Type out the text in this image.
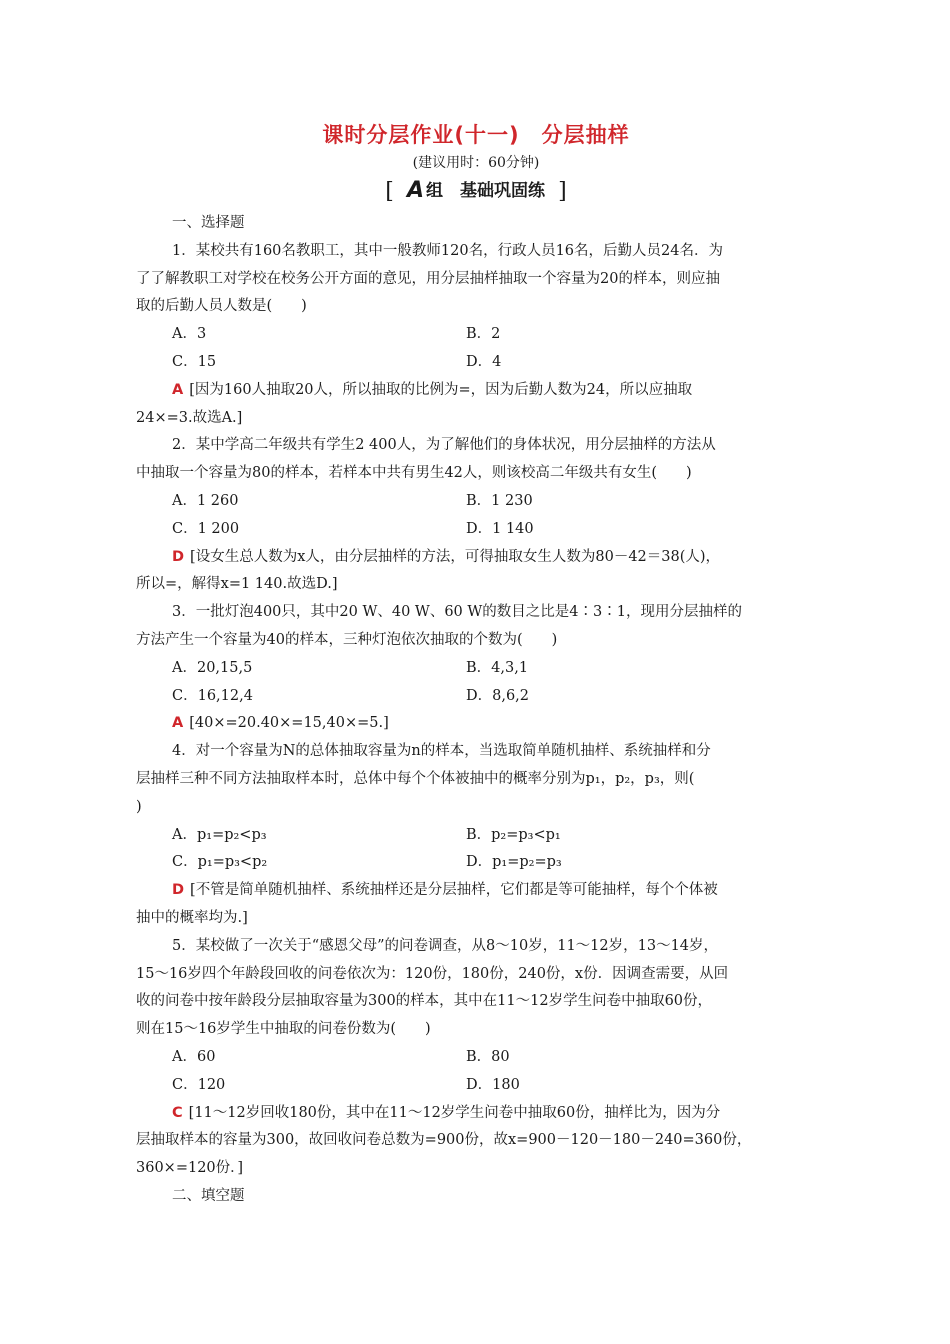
课时分层作业(十一)　分层抽样
(建议用时：60分钟)
[ A 组　基础巩固练 ]
一、选择题
1．某校共有160名教职工，其中一般教师120名，行政人员16名，后勤人员24名．为
了了解教职工对学校在校务公开方面的意见，用分层抽样抽取一个容量为20的样本，则应抽
取的后勤人员人数是(　　)
A．3	B．2
C．15	D．4
A [因为160人抽取20人，所以抽取的比例为=，因为后勤人数为24，所以应抽取
24×=3.故选A.]
2．某中学高二年级共有学生2 400人，为了解他们的身体状况，用分层抽样的方法从
中抽取一个容量为80的样本，若样本中共有男生42人，则该校高二年级共有女生(　　)
A．1 260	B．1 230
C．1 200	D．1 140
D [设女生总人数为x人，由分层抽样的方法，可得抽取女生人数为80－42＝38(人)，
所以=，解得x=1 140.故选D.]
3．一批灯泡400只，其中20 W、40 W、60 W的数目之比是4∶3∶1，现用分层抽样的
方法产生一个容量为40的样本，三种灯泡依次抽取的个数为(　　)
A．20,15,5	B．4,3,1
C．16,12,4	D．8,6,2
A [40×=20.40×=15,40×=5.]
4．对一个容量为N的总体抽取容量为n的样本，当选取简单随机抽样、系统抽样和分
层抽样三种不同方法抽取样本时，总体中每个个体被抽中的概率分别为p₁，p₂，p₃，则(
)
A．p₁=p₂<p₃	B．p₂=p₃<p₁
C．p₁=p₃<p₂	D．p₁=p₂=p₃
D [不管是简单随机抽样、系统抽样还是分层抽样，它们都是等可能抽样，每个个体被
抽中的概率均为.]
5．某校做了一次关于“感恩父母”的问卷调查，从8～10岁，11～12岁，13～14岁，
15～16岁四个年龄段回收的问卷依次为：120份，180份，240份，x份．因调查需要，从回
收的问卷中按年龄段分层抽取容量为300的样本，其中在11～12岁学生问卷中抽取60份，
则在15～16岁学生中抽取的问卷份数为(　　)
A．60	B．80
C．120	D．180
C [11～12岁回收180份，其中在11～12岁学生问卷中抽取60份，抽样比为，因为分
层抽取样本的容量为300，故回收问卷总数为=900份，故x=900－120－180－240=360份，
360×=120份．]
二、填空题
